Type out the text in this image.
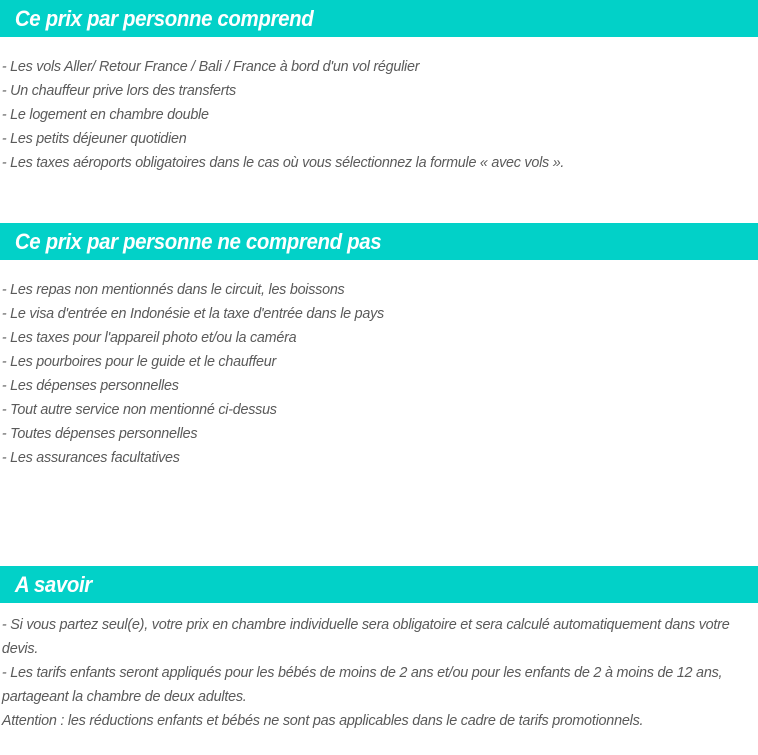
Ce prix par personne comprend
- Les vols Aller/ Retour France / Bali / France à bord d'un vol régulier
- Un chauffeur prive lors des transferts
- Le logement en chambre double
- Les petits déjeuner quotidien
- Les taxes aéroports obligatoires dans le cas où vous sélectionnez la formule « avec vols ».
Ce prix par personne ne comprend pas
- Les repas non mentionnés dans le circuit, les boissons
- Le visa d'entrée en Indonésie et la taxe d'entrée dans le pays
- Les taxes pour l'appareil photo et/ou la caméra
- Les pourboires pour le guide et le chauffeur
- Les dépenses personnelles
- Tout autre service non mentionné ci-dessus
- Toutes dépenses personnelles
- Les assurances facultatives
A savoir
- Si vous partez seul(e), votre prix en chambre individuelle sera obligatoire et sera calculé automatiquement dans votre devis.
- Les tarifs enfants seront appliqués pour les bébés de moins de 2 ans et/ou pour les enfants de 2 à moins de 12 ans, partageant la chambre de deux adultes.
Attention : les réductions enfants et bébés ne sont pas applicables dans le cadre de tarifs promotionnels.
